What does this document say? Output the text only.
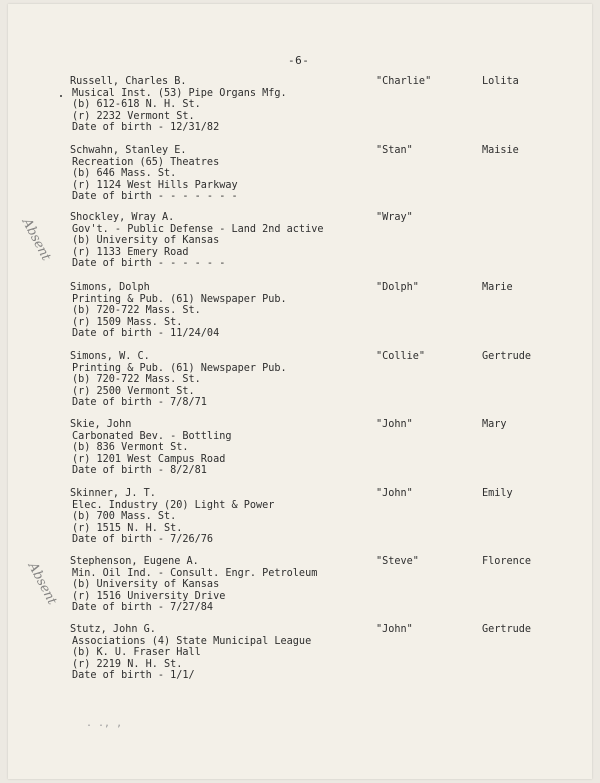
-6-
Absent
Absent
Russell, Charles B.	"Charlie"	Lolita
Musical Inst. (53) Pipe Organs Mfg.
(b) 612-618 N. H. St.
(r) 2232 Vermont St.
Date of birth - 12/31/82
Schwahn, Stanley E.	"Stan"	Maisie
Recreation (65) Theatres
(b) 646 Mass. St.
(r) 1124 West Hills Parkway
Date of birth - - - - - - -
Shockley, Wray A.	"Wray"
Gov't. - Public Defense - Land 2nd active
(b) University of Kansas
(r) 1133 Emery Road
Date of birth - - - - - -
Simons, Dolph	"Dolph"	Marie
Printing & Pub. (61) Newspaper Pub.
(b) 720-722 Mass. St.
(r) 1509 Mass. St.
Date of birth - 11/24/04
Simons, W. C.	"Collie"	Gertrude
Printing & Pub. (61) Newspaper Pub.
(b) 720-722 Mass. St.
(r) 2500 Vermont St.
Date of birth - 7/8/71
Skie, John	"John"	Mary
Carbonated Bev. - Bottling
(b) 836 Vermont St.
(r) 1201 West Campus Road
Date of birth - 8/2/81
Skinner, J. T.	"John"	Emily
Elec. Industry (20) Light & Power
(b) 700 Mass. St.
(r) 1515 N. H. St.
Date of birth - 7/26/76
Stephenson, Eugene A.	"Steve"	Florence
Min. Oil Ind. - Consult. Engr. Petroleum
(b) University of Kansas
(r) 1516 University Drive
Date of birth - 7/27/84
Stutz, John G.	"John"	Gertrude
Associations (4) State Municipal League
(b) K. U. Fraser Hall
(r) 2219 N. H. St.
Date of birth - 1/1/
. ., ,
